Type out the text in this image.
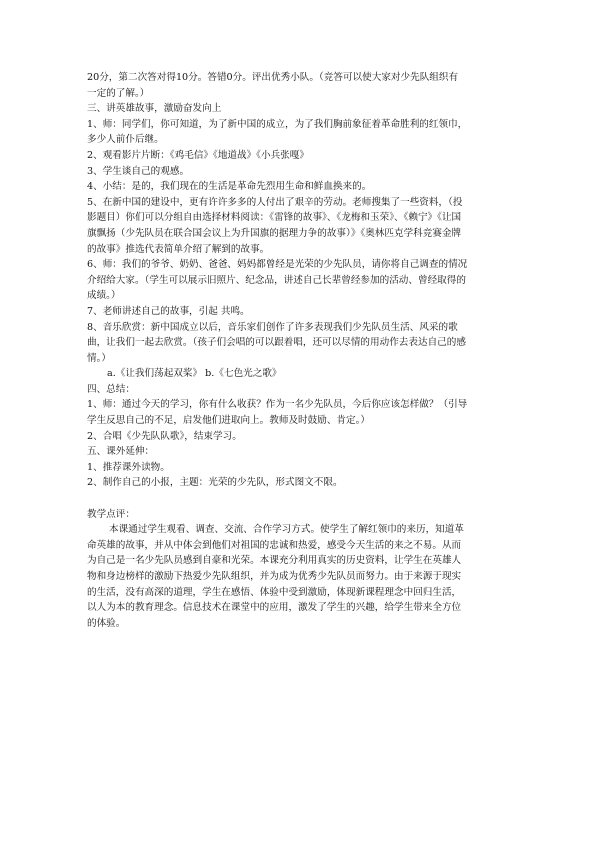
20分，第二次答对得10分。答错0分。评出优秀小队。（竞答可以使大家对少先队组织有
一定的了解。）
三、讲英雄故事，激励奋发向上
1、师：同学们，你可知道，为了新中国的成立，为了我们胸前象征着革命胜利的红领巾，
多少人前仆后继。
2、观看影片片断：《鸡毛信》《地道战》《小兵张嘎》
3、学生谈自己的观感。
4、小结：是的，我们现在的生活是革命先烈用生命和鲜血换来的。
5、在新中国的建设中，更有许许多多的人付出了艰辛的劳动。老师搜集了一些资料，（投
影题目）你们可以分组自由选择材料阅读：《雷锋的故事》、《龙梅和玉荣》、《赖宁》《让国
旗飘扬（少先队员在联合国会议上为升国旗的据理力争的故事）》《奥林匹克学科竞赛金牌
的故事》推选代表简单介绍了解到的故事。
6、师：我们的爷爷、奶奶、爸爸、妈妈都曾经是光荣的少先队员，请你将自己调查的情况
介绍给大家。（学生可以展示旧照片、纪念品，讲述自己长辈曾经参加的活动、曾经取得的
成绩。）
7、老师讲述自己的故事，引起 共鸣。
8、音乐欣赏：新中国成立以后，音乐家们创作了许多表现我们少先队员生活、风采的歌
曲，让我们一起去欣赏。（孩子们会唱的可以跟着唱，还可以尽情的用动作去表达自己的感
情。）
a.《让我们荡起双桨》 b.《七色光之歌》
四、总结：
1、师：通过今天的学习，你有什么收获？作为一名少先队员，今后你应该怎样做？（引导
学生反思自己的不足，启发他们进取向上。教师及时鼓励、肯定。）
2、合唱《少先队队歌》，结束学习。
五、课外延伸：
1、推荐课外读物。
2、制作自己的小报，主题：光荣的少先队，形式图文不限。
教学点评：
本课通过学生观看、调查、交流、合作学习方式。使学生了解红领巾的来历，知道革
命英雄的故事，并从中体会到他们对祖国的忠诚和热爱，感受今天生活的来之不易。从而
为自己是一名少先队员感到自豪和光荣。本课充分利用真实的历史资料，让学生在英雄人
物和身边榜样的激励下热爱少先队组织，并为成为优秀少先队员而努力。由于来源于现实
的生活，没有高深的道理，学生在感悟、体验中受到激励，体现新课程理念中回归生活，
以人为本的教育理念。信息技术在课堂中的应用，激发了学生的兴趣，给学生带来全方位
的体验。
